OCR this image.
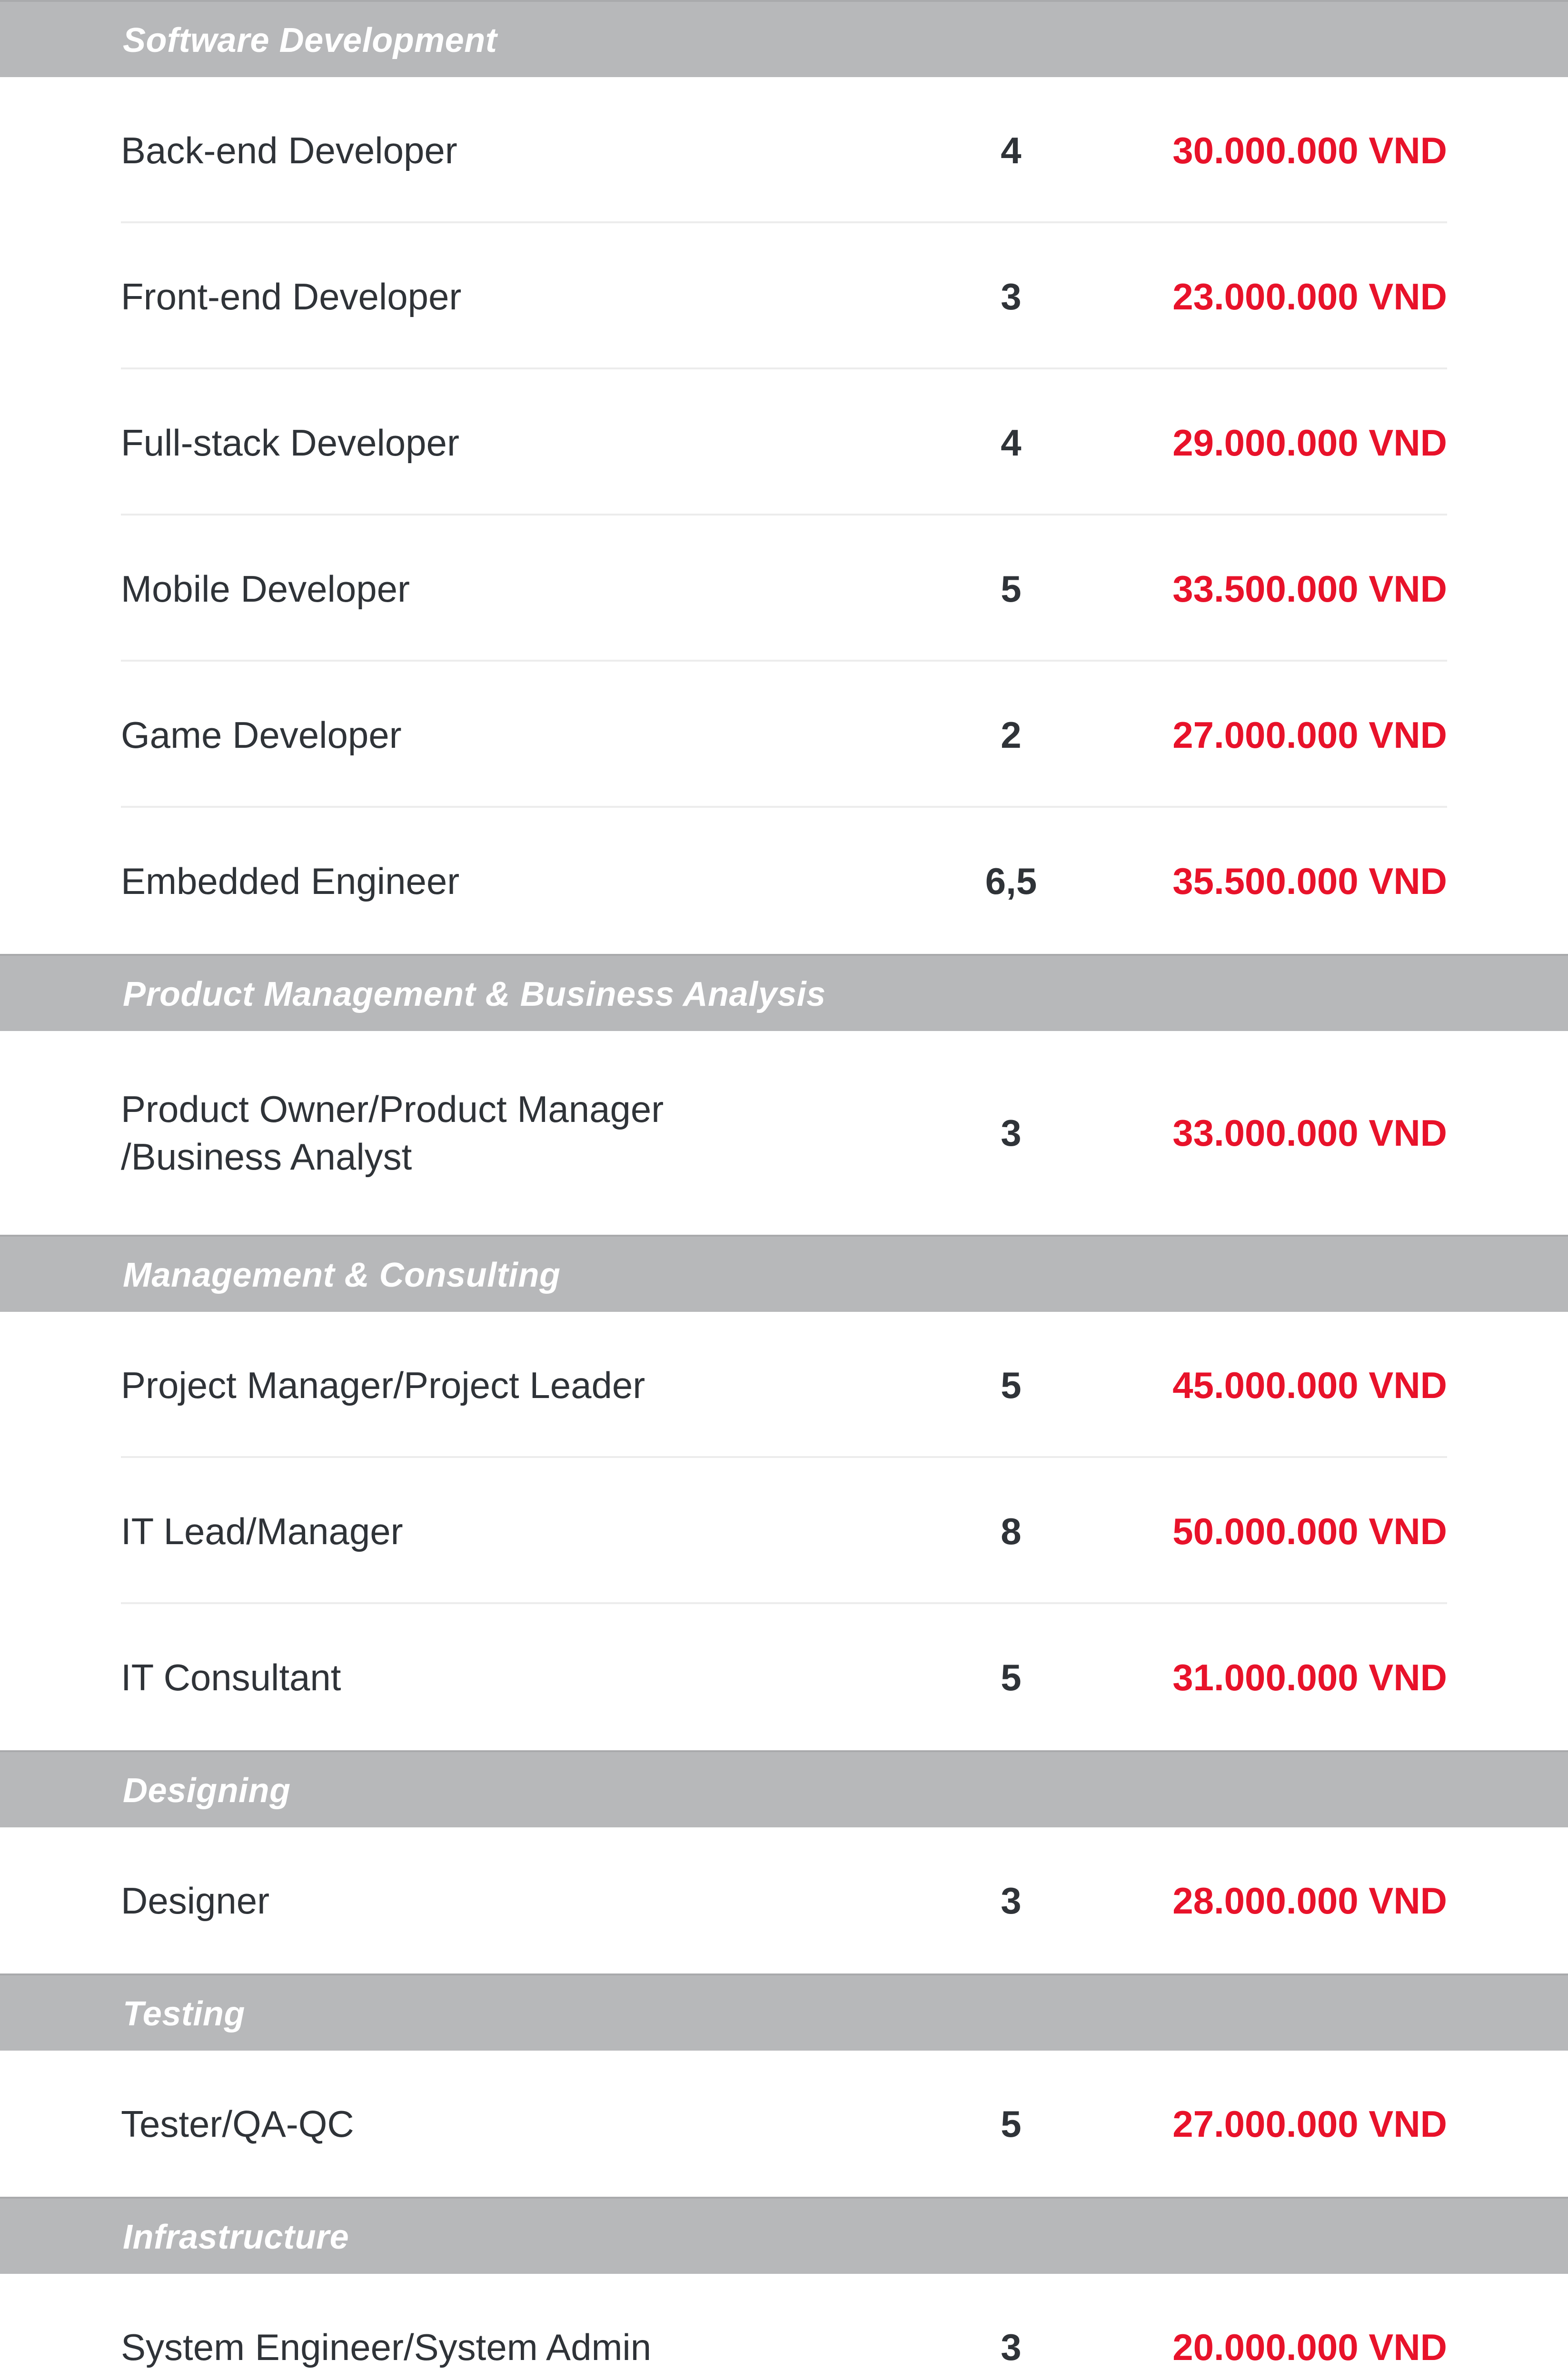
Software Development
Back-end Developer	4	30.000.000 VND
Front-end Developer	3	23.000.000 VND
Full-stack Developer	4	29.000.000 VND
Mobile Developer	5	33.500.000 VND
Game Developer	2	27.000.000 VND
Embedded Engineer	6,5	35.500.000 VND
Product Management & Business Analysis
Product Owner/Product Manager
/Business Analyst
3	33.000.000 VND
Management & Consulting
Project Manager/Project Leader	5	45.000.000 VND
IT Lead/Manager	8	50.000.000 VND
IT Consultant	5	31.000.000 VND
Designing
Designer	3	28.000.000 VND
Testing
Tester/QA-QC	5	27.000.000 VND
Infrastructure
System Engineer/System Admin	3	20.000.000 VND
